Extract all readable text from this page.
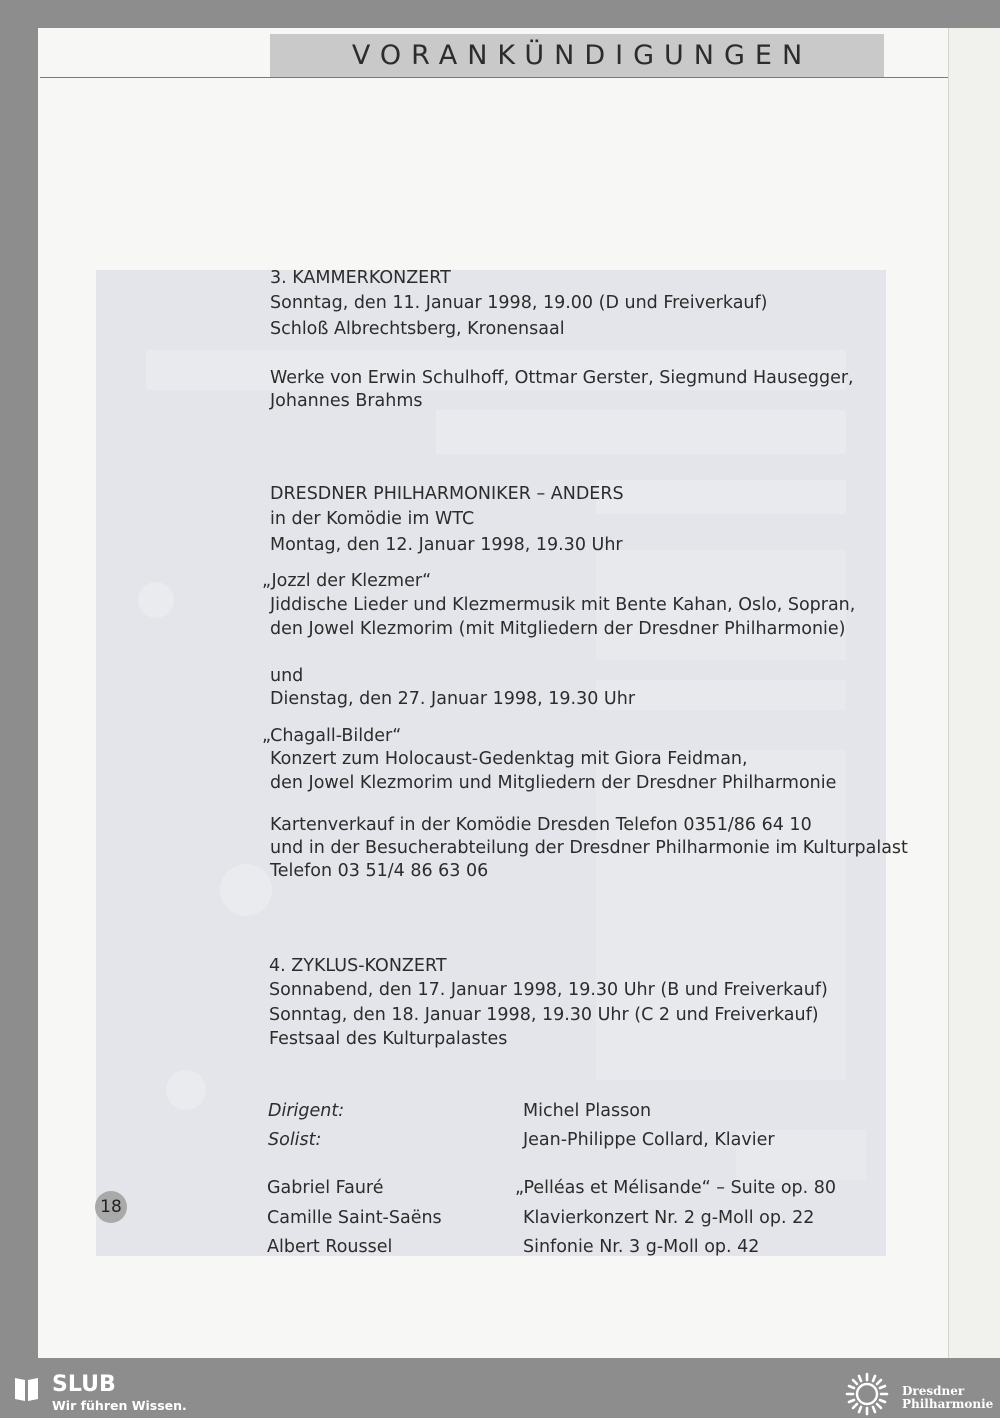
VORANKÜNDIGUNGEN
3. KAMMERKONZERT
Sonntag, den 11. Januar 1998, 19.00 (D und Freiverkauf)
Schloß Albrechtsberg, Kronensaal
Werke von Erwin Schulhoff, Ottmar Gerster, Siegmund Hausegger,
Johannes Brahms
DRESDNER PHILHARMONIKER – ANDERS
in der Komödie im WTC
Montag, den 12. Januar 1998, 19.30 Uhr
„Jozzl der Klezmer“
Jiddische Lieder und Klezmermusik mit Bente Kahan, Oslo, Sopran,
den Jowel Klezmorim (mit Mitgliedern der Dresdner Philharmonie)
und
Dienstag, den 27. Januar 1998, 19.30 Uhr
„Chagall-Bilder“
Konzert zum Holocaust-Gedenktag mit Giora Feidman,
den Jowel Klezmorim und Mitgliedern der Dresdner Philharmonie
Kartenverkauf in der Komödie Dresden Telefon 0351/86 64 10
und in der Besucherabteilung der Dresdner Philharmonie im Kulturpalast
Telefon 03 51/4 86 63 06
4. ZYKLUS-KONZERT
Sonnabend, den 17. Januar 1998, 19.30 Uhr (B und Freiverkauf)
Sonntag, den 18. Januar 1998, 19.30 Uhr (C 2 und Freiverkauf)
Festsaal des Kulturpalastes
Dirigent:	Michel Plasson
Solist:	Jean-Philippe Collard, Klavier
Gabriel Fauré	„Pelléas et Mélisande“ – Suite op. 80
Camille Saint-Saëns	Klavierkonzert Nr. 2 g-Moll op. 22
Albert Roussel	Sinfonie Nr. 3 g-Moll op. 42
18
SLUB
Wir führen Wissen.
Dresdner
Philharmonie
